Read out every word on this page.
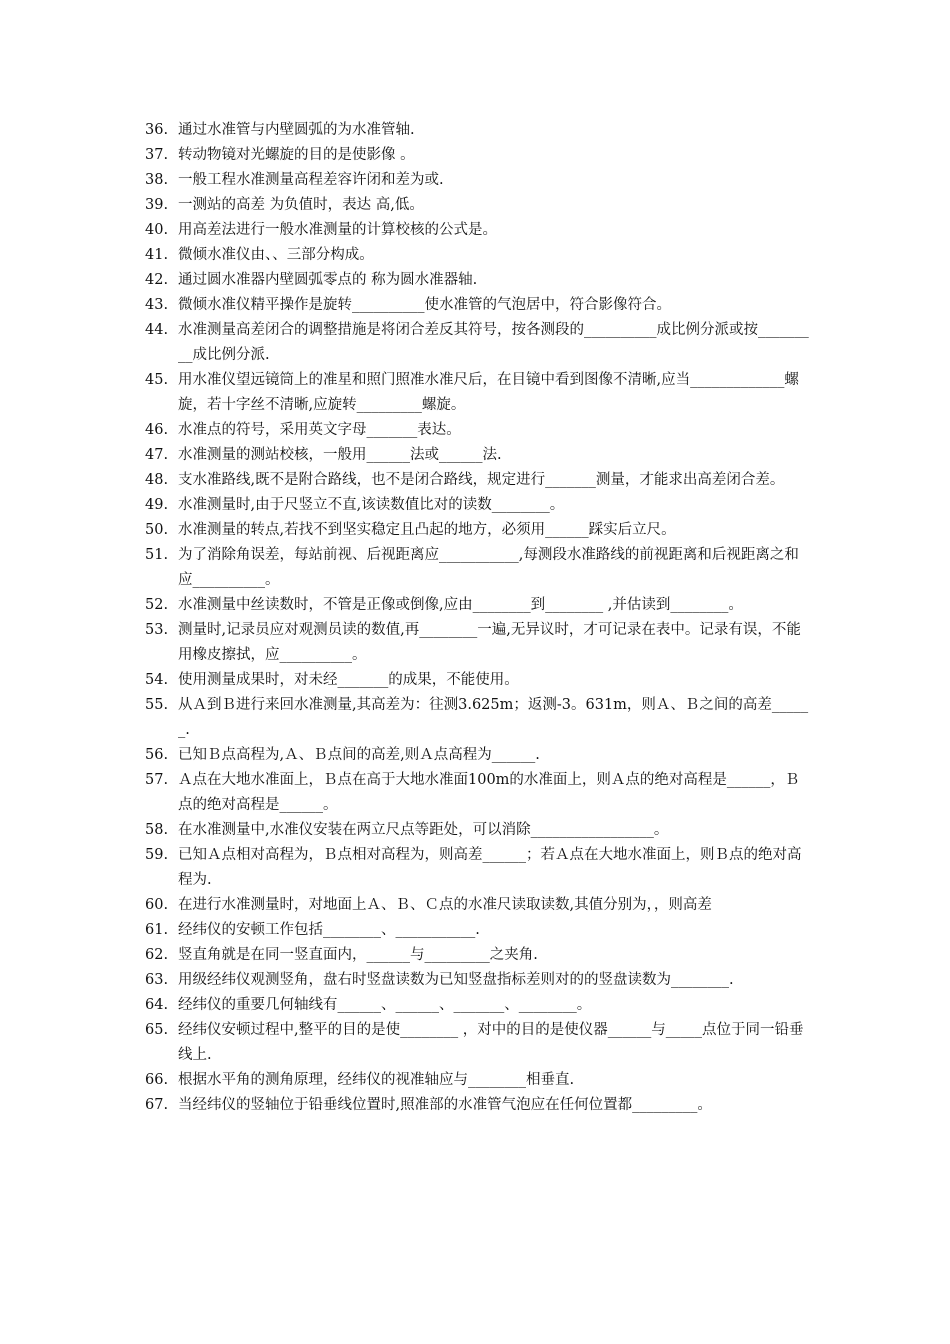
36. 通过水准管与内壁圆弧的为水准管轴.
37. 转动物镜对光螺旋的目的是使影像 。
38. 一般工程水准测量高程差容许闭和差为或.
39. 一测站的高差 为负值时，表达 高,低。
40. 用高差法进行一般水准测量的计算校核的公式是。
41. 微倾水准仪由、、三部分构成。
42. 通过圆水准器内壁圆弧零点的 称为圆水准器轴.
43. 微倾水准仪精平操作是旋转__________使水准管的气泡居中，符合影像符合。
44. 水准测量高差闭合的调整措施是将闭合差反其符号，按各测段的__________成比例分派或按_________成比例分派.
45. 用水准仪望远镜筒上的准星和照门照准水准尺后，在目镜中看到图像不清晰,应当_____________螺旋，若十字丝不清晰,应旋转_________螺旋。
46. 水准点的符号，采用英文字母_______表达。
47. 水准测量的测站校核，一般用______法或______法.
48. 支水准路线,既不是附合路线，也不是闭合路线，规定进行_______测量，才能求出高差闭合差。
49. 水准测量时,由于尺竖立不直,该读数值比对的读数________。
50. 水准测量的转点,若找不到坚实稳定且凸起的地方，必须用______踩实后立尺。
51. 为了消除角误差，每站前视、后视距离应___________,每测段水准路线的前视距离和后视距离之和应__________。
52. 水准测量中丝读数时，不管是正像或倒像,应由________到________ ,并估读到________。
53. 测量时,记录员应对观测员读的数值,再________一遍,无异议时，才可记录在表中。记录有误，不能用橡皮擦拭，应__________。
54. 使用测量成果时，对未经_______的成果，不能使用。
55. 从Ａ到Ｂ进行来回水准测量,其高差为：往测3.625m；返测-3。631m，则Ａ、Ｂ之间的高差______.
56. 已知Ｂ点高程为,Ａ、Ｂ点间的高差,则Ａ点高程为______.
57. Ａ点在大地水准面上，Ｂ点在高于大地水准面100m的水准面上，则Ａ点的绝对高程是______，Ｂ点的绝对高程是______。
58. 在水准测量中,水准仪安装在两立尺点等距处，可以消除_________________。
59. 已知Ａ点相对高程为，Ｂ点相对高程为，则高差______；若Ａ点在大地水准面上，则Ｂ点的绝对高程为.
60. 在进行水准测量时，对地面上Ａ、Ｂ、Ｃ点的水准尺读取读数,其值分别为，，则高差
61. 经纬仪的安顿工作包括________、___________.
62. 竖直角就是在同一竖直面内，______与_________之夹角.
63. 用级经纬仪观测竖角，盘右时竖盘读数为已知竖盘指标差则对的的竖盘读数为________.
64. 经纬仪的重要几何轴线有______、______、_______、________。
65. 经纬仪安顿过程中,整平的目的是使________ ，对中的目的是使仪器______与_____点位于同一铅垂线上.
66. 根据水平角的测角原理，经纬仪的视准轴应与________相垂直.
67. 当经纬仪的竖轴位于铅垂线位置时,照准部的水准管气泡应在任何位置都_________。
